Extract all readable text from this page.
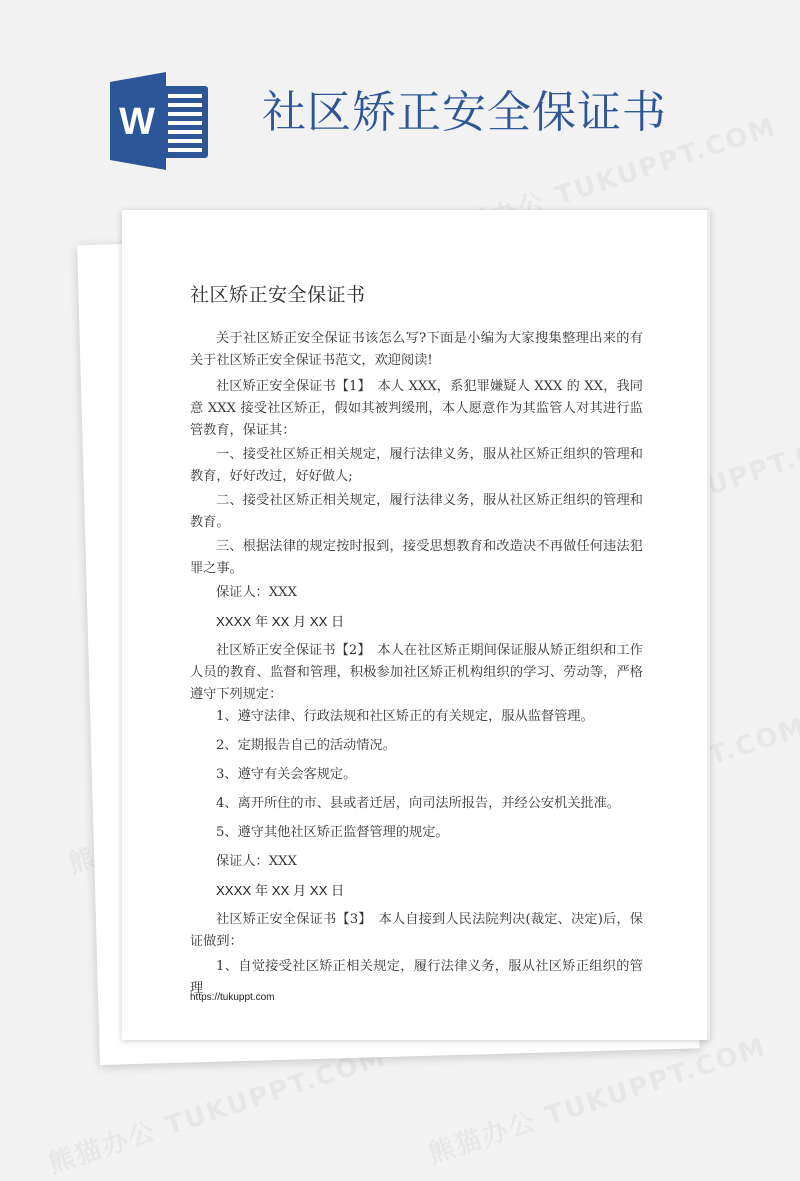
W 社区矫正安全保证书
社区矫正安全保证书
关于社区矫正安全保证书该怎么写?下面是小编为大家搜集整理出来的有关于社区矫正安全保证书范文，欢迎阅读!
社区矫正安全保证书【1】　本人 XXX，系犯罪嫌疑人 XXX 的 XX，我同意 XXX 接受社区矫正，假如其被判缓刑，本人愿意作为其监管人对其进行监管教育，保证其：
一、接受社区矫正相关规定，履行法律义务，服从社区矫正组织的管理和教育，好好改过，好好做人;
二、接受社区矫正相关规定，履行法律义务，服从社区矫正组织的管理和教育。
三、根据法律的规定按时报到，接受思想教育和改造决不再做任何违法犯罪之事。
保证人：XXX
XXXX 年 XX 月 XX 日
社区矫正安全保证书【2】　本人在社区矫正期间保证服从矫正组织和工作人员的教育、监督和管理，积极参加社区矫正机构组织的学习、劳动等，严格遵守下列规定：
1、遵守法律、行政法规和社区矫正的有关规定，服从监督管理。
2、定期报告自己的活动情况。
3、遵守有关会客规定。
4、离开所住的市、县或者迁居，向司法所报告，并经公安机关批准。
5、遵守其他社区矫正监督管理的规定。
保证人：XXX
XXXX 年 XX 月 XX 日
社区矫正安全保证书【3】　本人自接到人民法院判决(裁定、决定)后，保证做到：
1、自觉接受社区矫正相关规定，履行法律义务，服从社区矫正组织的管理
https://tukuppt.com
